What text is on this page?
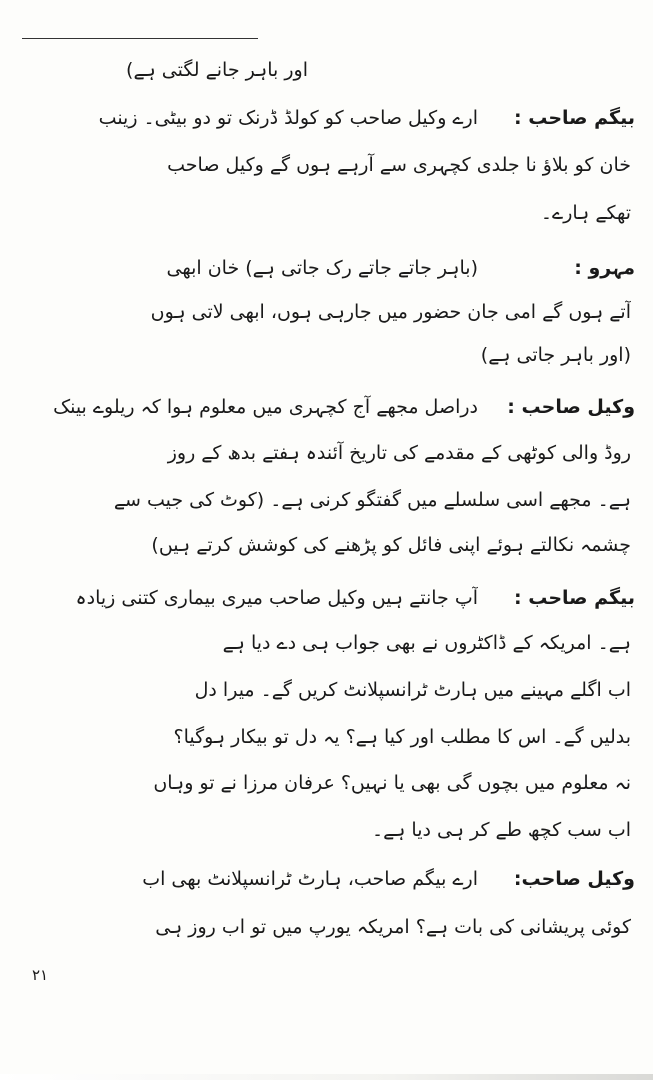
اور باہر جانے لگتی ہے)
بیگم صاحب :
ارے وکیل صاحب کو کولڈ ڈرنک تو دو بیٹی۔ زینب
خان کو بلاؤ نا جلدی کچہری سے آرہے ہوں گے وکیل صاحب
تھکے ہارے۔
مہرو :
(باہر جاتے جاتے رک جاتی ہے) خان ابھی
آتے ہوں گے امی جان حضور میں جارہی ہوں، ابھی لاتی ہوں
(اور باہر جاتی ہے)
وکیل صاحب :
دراصل مجھے آج کچہری میں معلوم ہوا کہ ریلوے بینک
روڈ والی کوٹھی کے مقدمے کی تاریخ آئندہ ہفتے بدھ کے روز
ہے۔ مجھے اسی سلسلے میں گفتگو کرنی ہے۔ (کوٹ کی جیب سے
چشمہ نکالتے ہوئے اپنی فائل کو پڑھنے کی کوشش کرتے ہیں)
بیگم صاحب :
آپ جانتے ہیں وکیل صاحب میری بیماری کتنی زیادہ
ہے۔ امریکہ کے ڈاکٹروں نے بھی جواب ہی دے دیا ہے
اب اگلے مہینے میں ہارٹ ٹرانسپلانٹ کریں گے۔ میرا دل
بدلیں گے۔ اس کا مطلب اور کیا ہے؟ یہ دل تو بیکار ہوگیا؟
نہ معلوم میں بچوں گی بھی یا نہیں؟ عرفان مرزا نے تو وہاں
اب سب کچھ طے کر ہی دیا ہے۔
وکیل صاحب:
ارے بیگم صاحب، ہارٹ ٹرانسپلانٹ بھی اب
کوئی پریشانی کی بات ہے؟ امریکہ یورپ میں تو اب روز ہی
۲۱
